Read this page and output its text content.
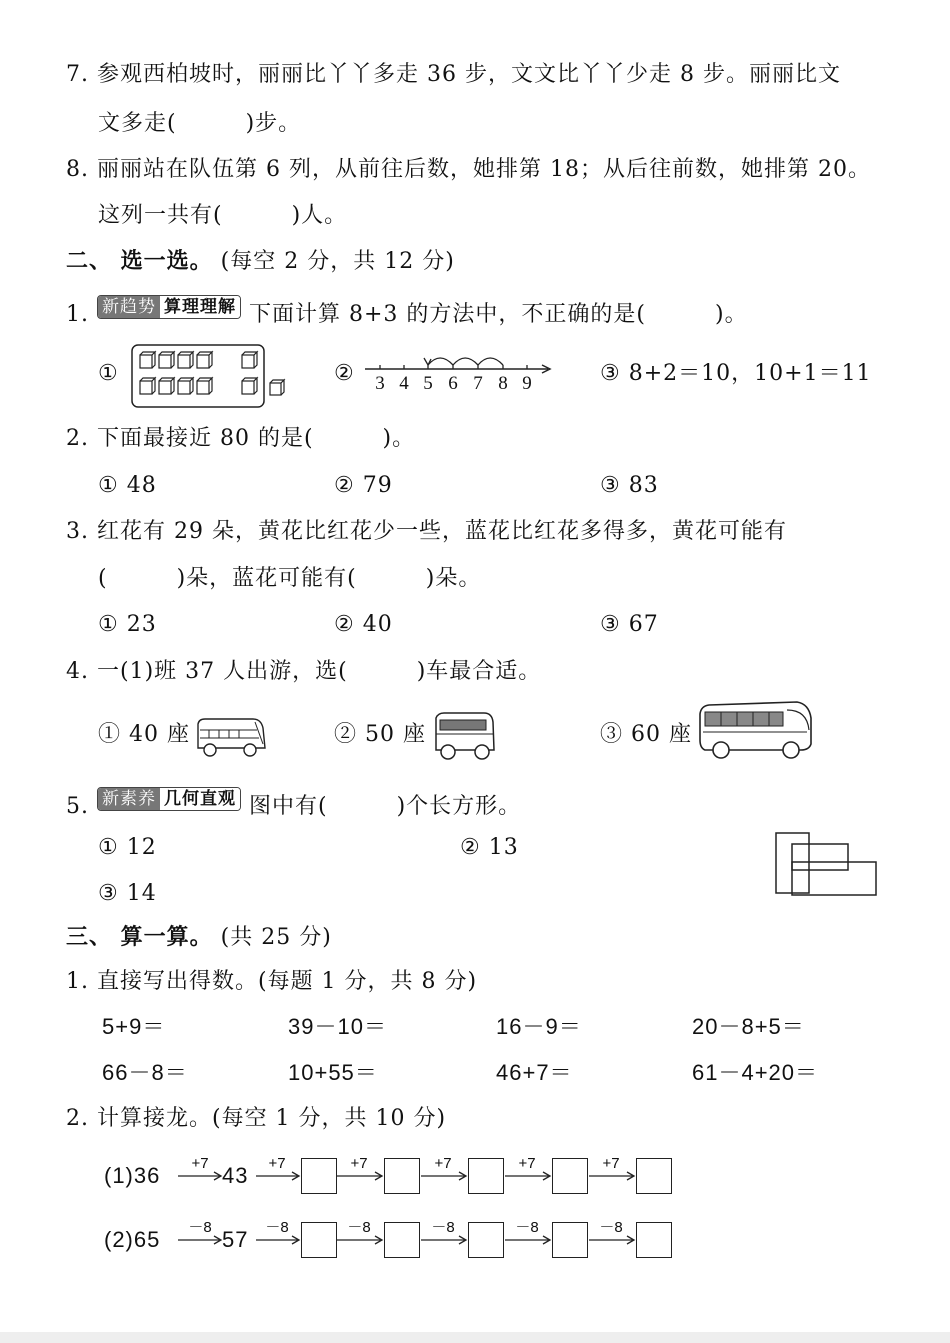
7. 参观西柏坡时，丽丽比丫丫多走 36 步，文文比丫丫少走 8 步。丽丽比文
文多走(　　　)步。
8. 丽丽站在队伍第 6 列，从前往后数，她排第 18；从后往前数，她排第 20。
这列一共有(　　　)人。
二、 选一选。 (每空 2 分，共 12 分)
1. 新趋势 算理理解 下面计算 8+3 的方法中，不正确的是(　　　)。
①	② 3 4 5 6 7 8 9	③ 8+2＝10，10+1＝11
2. 下面最接近 80 的是(　　　)。
① 48	② 79	③ 83
3. 红花有 29 朵，黄花比红花少一些，蓝花比红花多得多，黄花可能有
(　　　)朵，蓝花可能有(　　　)朵。
① 23	② 40	③ 67
4. 一(1)班 37 人出游，选(　　　)车最合适。
① 40 座	② 50 座	③ 60 座
5. 新素养 几何直观 图中有(　　　)个长方形。
① 12	② 13
③ 14
三、 算一算。 (共 25 分)
1. 直接写出得数。(每题 1 分，共 8 分)
5+9＝	39－10＝	16－9＝	20－8+5＝
66－8＝	10+55＝	46+7＝	61－4+20＝
2. 计算接龙。(每空 1 分，共 10 分)
(1)36	43
+7	+7	+7	+7	+7	+7
(2)65	57
－8	－8	－8	－8	－8	－8
